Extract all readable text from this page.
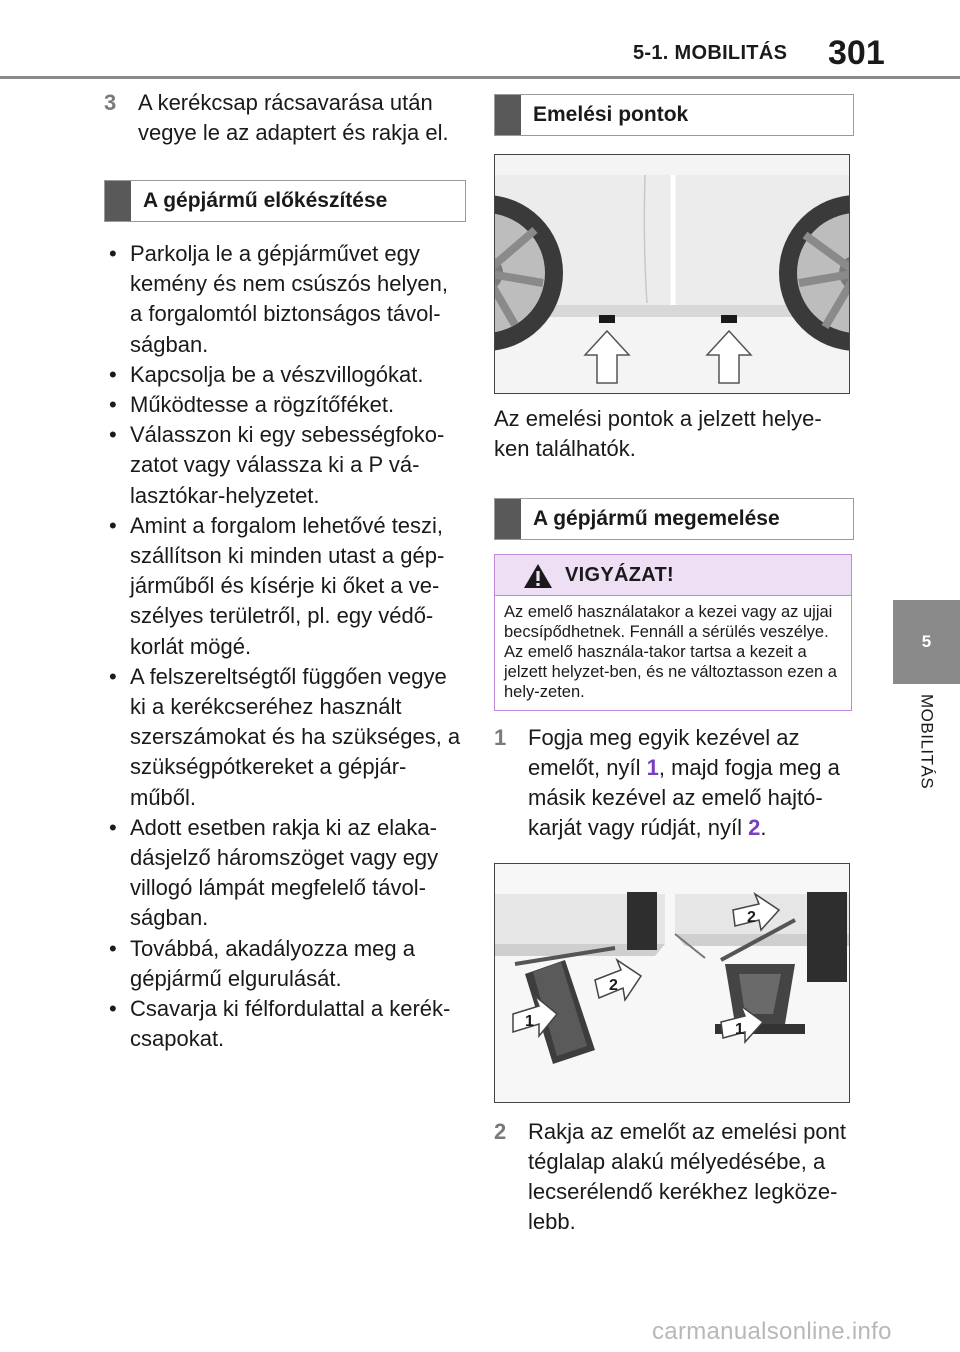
5-1. MOBILITÁS 301
5
MOBILITÁS
3 A kerékcsap rácsavarása után vegye le az adaptert és rakja el.
A gépjármű előkészítése
• Parkolja le a gépjárművet egy kemény és nem csúszós helyen, a forgalomtól biztonságos távol-ságban.
• Kapcsolja be a vészvillogókat.
• Működtesse a rögzítőféket.
• Válasszon ki egy sebességfoko-zatot vagy válassza ki a P vá-lasztókar-helyzetet.
• Amint a forgalom lehetővé teszi, szállítson ki minden utast a gép-járműből és kísérje ki őket a ve-szélyes területről, pl. egy védő-korlát mögé.
• A felszereltségtől függően vegye ki a kerékcseréhez használt szerszámokat és ha szükséges, a szükségpótkereket a gépjár-műből.
• Adott esetben rakja ki az elaka-dásjelző háromszöget vagy egy villogó lámpát megfelelő távol-ságban.
• Továbbá, akadályozza meg a gépjármű elgurulását.
• Csavarja ki félfordulattal a kerék-csapokat.
Emelési pontok
Az emelési pontok a jelzett helye-ken találhatók.
A gépjármű megemelése
VIGYÁZAT!
Az emelő használatakor a kezei vagy az ujjai becsípődhetnek. Fennáll a sérülés veszélye. Az emelő használa-takor tartsa a kezeit a jelzett helyzet-ben, és ne változtasson ezen a hely-zeten.
1 Fogja meg egyik kezével az emelőt, nyíl 1, majd fogja meg a másik kezével az emelő hajtó-karját vagy rúdját, nyíl 2.
1
2
2
1
2 Rakja az emelőt az emelési pont téglalap alakú mélyedésébe, a lecserélendő kerékhez legköze-lebb.
carmanualsonline.info
